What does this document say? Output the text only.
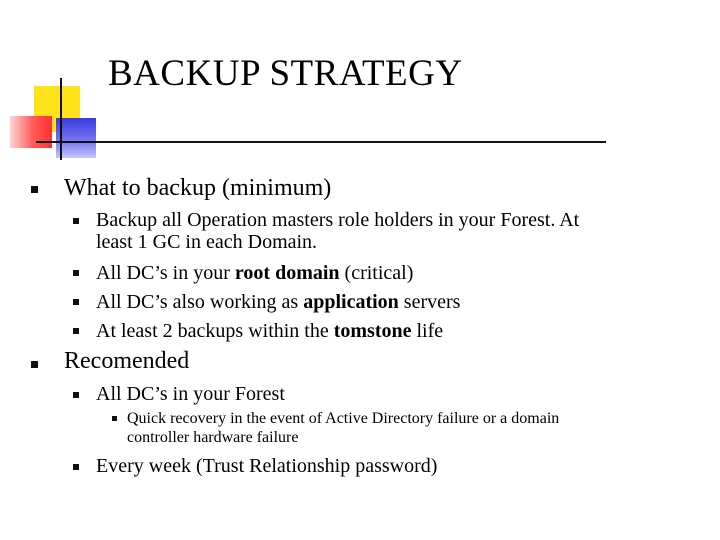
BACKUP STRATEGY
What to backup (minimum)
Backup all Operation masters role holders in your Forest. At
least 1 GC in each Domain.
All DC’s in your root domain (critical)
All DC’s also working as application servers
At least 2 backups within the tomstone life
Recomended
All DC’s in your Forest
Quick recovery in the event of Active Directory failure or a domain
controller hardware failure
Every week (Trust Relationship password)
